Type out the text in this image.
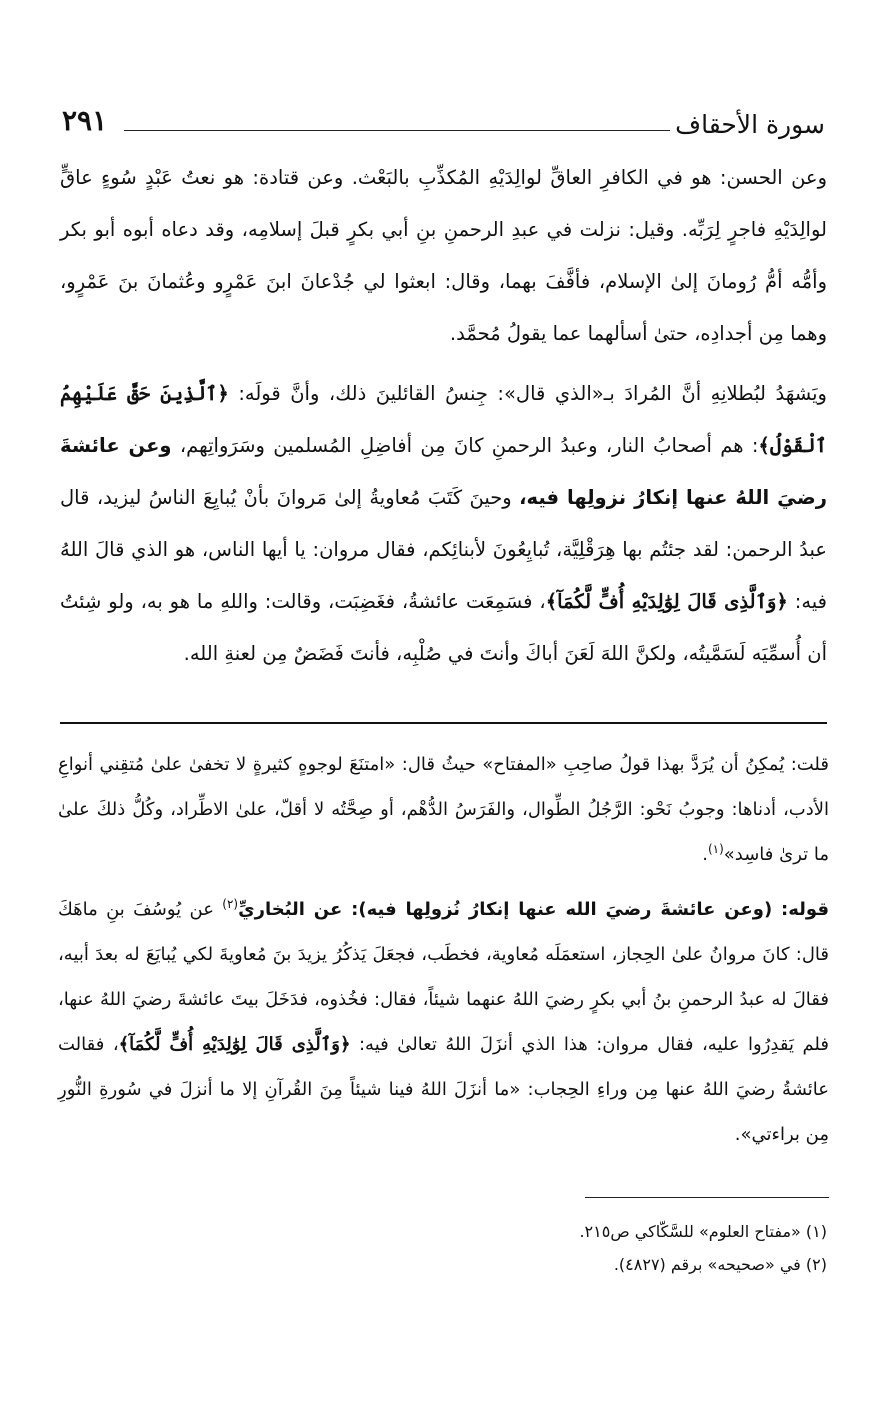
سورة الأحقاف
٢٩١

وعن الحسن: هو في الكافرِ العاقِّ لوالِدَيْهِ المُكذِّبِ بالبَعْث. وعن قتادة: هو نعتُ عَبْدٍ سُوءٍ عاقٍّ لوالِدَيْهِ فاجرٍ لِرَبِّه. وقيل: نزلت في عبدِ الرحمنِ بنِ أبي بكرٍ قبلَ إسلامِه، وقد دعاه أبوه أبو بكر وأمُّه أمُّ رُومانَ إلىٰ الإسلام، فأفَّفَ بهما، وقال: ابعثوا لي جُدْعانَ ابنَ عَمْرٍو وعُثمانَ بنَ عَمْرٍو، وهما مِن أجدادِه، حتىٰ أسألهما عما يقولُ مُحمَّد.

ويَشهَدُ لبُطلانِهِ أنَّ المُرادَ بـ«الذي قال»: جِنسُ القائلينَ ذلك، وأنَّ قولَه: ﴿ٱلَّذِينَ حَقَّ عَلَيْهِمُ ٱلْقَوْلُ﴾: هم أصحابُ النار، وعبدُ الرحمنِ كانَ مِن أفاضِلِ المُسلمين وسَرَواتِهم، وعن عائشةَ رضيَ اللهُ عنها إنكارُ نزولِها فيه، وحينَ كَتَبَ مُعاويةُ إلىٰ مَروانَ بأنْ يُبايِعَ الناسُ ليزيد، قال عبدُ الرحمن: لقد جئتُم بها هِرَقْلِيَّة، تُبايِعُونَ لأبنائِكم، فقال مروان: يا أيها الناس، هو الذي قالَ اللهُ فيه: ﴿وَٱلَّذِى قَالَ لِوَٰلِدَيْهِ أُفٍّ لَّكُمَآ﴾، فسَمِعَت عائشةُ، فغَضِبَت، وقالت: واللهِ ما هو به، ولو شِئتُ أن أُسمِّيَه لَسَمَّيتُه، ولكنَّ اللهَ لَعَنَ أباكَ وأنتَ في صُلْبِه، فأنتَ فَضَضٌ مِن لعنةِ الله.

قلت: يُمكِنُ أن يُرَدَّ بهذا قولُ صاحِبِ «المفتاح» حيثُ قال: «امتنَعَ لوجوهٍ كثيرةٍ لا تخفىٰ علىٰ مُتقِني أنواعِ الأدب، أدناها: وجوبُ نَحْو: الرَّجُلُ الطِّوال، والفَرَسُ الدُّهْم، أو صِحَّتُه لا أقلّ، علىٰ الاطِّراد، وكُلُّ ذلكَ علىٰ ما ترىٰ فاسِد»$^{(١)}$.

قوله: (وعن عائشةَ رضيَ الله عنها إنكارُ نُزولِها فيه): عن البُخاريِّ$^{(٢)}$ عن يُوسُفَ بنِ ماهَكَ قال: كانَ مروانُ علىٰ الحِجاز، استعمَلَه مُعاوية، فخطَب، فجعَلَ يَذكُرُ يزيدَ بنَ مُعاويةَ لكي يُبايَعَ له بعدَ أبيه، فقالَ له عبدُ الرحمنِ بنُ أبي بكرٍ رضيَ اللهُ عنهما شيئاً، فقال: فخُذوه، فدَخَلَ بيتَ عائشةَ رضيَ اللهُ عنها، فلم يَقدِرُوا عليه، فقال مروان: هذا الذي أنزَلَ اللهُ تعالىٰ فيه: ﴿وَٱلَّذِى قَالَ لِوَٰلِدَيْهِ أُفٍّ لَّكُمَآ﴾، فقالت عائشةُ رضيَ اللهُ عنها مِن وراءِ الحِجاب: «ما أنزَلَ اللهُ فينا شيئاً مِنَ القُرآنِ إلا ما أنزلَ في سُورةِ النُّورِ مِن براءتي».

(١) «مفتاح العلوم» للسَّكّاكي ص٢١٥.
(٢) في «صحيحه» برقم (٤٨٢٧).
